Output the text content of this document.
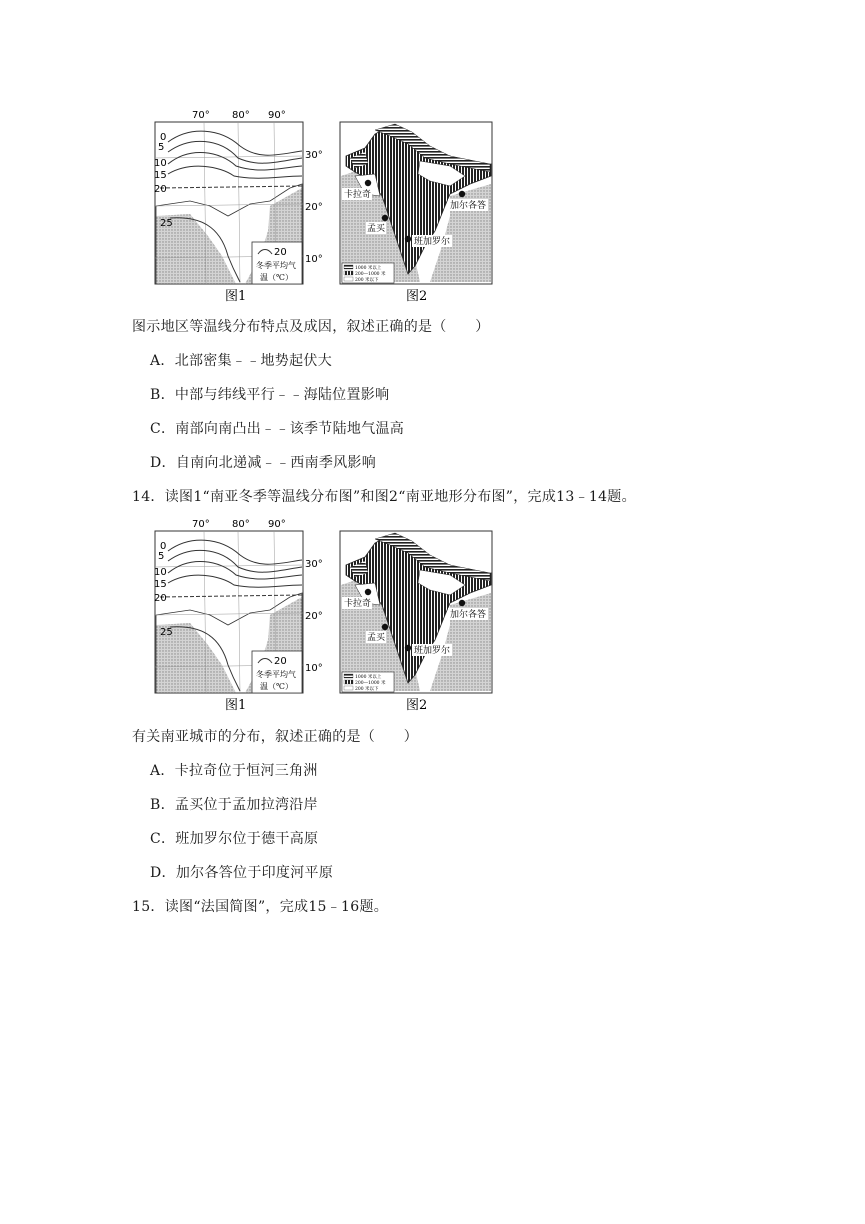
70° 80° 90°
0
5
10
15
20
25
30°
20°
10°
20
冬季平均气
温（℃）
图1
卡拉奇
加尔各答
孟买
班加罗尔
1000 米以上
200—1000 米
200 米以下
图2
图示地区等温线分布特点及成因，叙述正确的是（　　）
A．北部密集﹣﹣地势起伏大
B．中部与纬线平行﹣﹣海陆位置影响
C．南部向南凸出﹣﹣该季节陆地气温高
D．自南向北递减﹣﹣西南季风影响
14．读图1“南亚冬季等温线分布图”和图2“南亚地形分布图”，完成13﹣14题。
70° 80° 90°
0
5
10
15
20
25
30°
20°
10°
20
冬季平均气
温（℃）
图1
卡拉奇
加尔各答
孟买
班加罗尔
1000 米以上
200—1000 米
200 米以下
图2
有关南亚城市的分布，叙述正确的是（　　）
A．卡拉奇位于恒河三角洲
B．孟买位于孟加拉湾沿岸
C．班加罗尔位于德干高原
D．加尔各答位于印度河平原
15．读图“法国简图”，完成15﹣16题。
